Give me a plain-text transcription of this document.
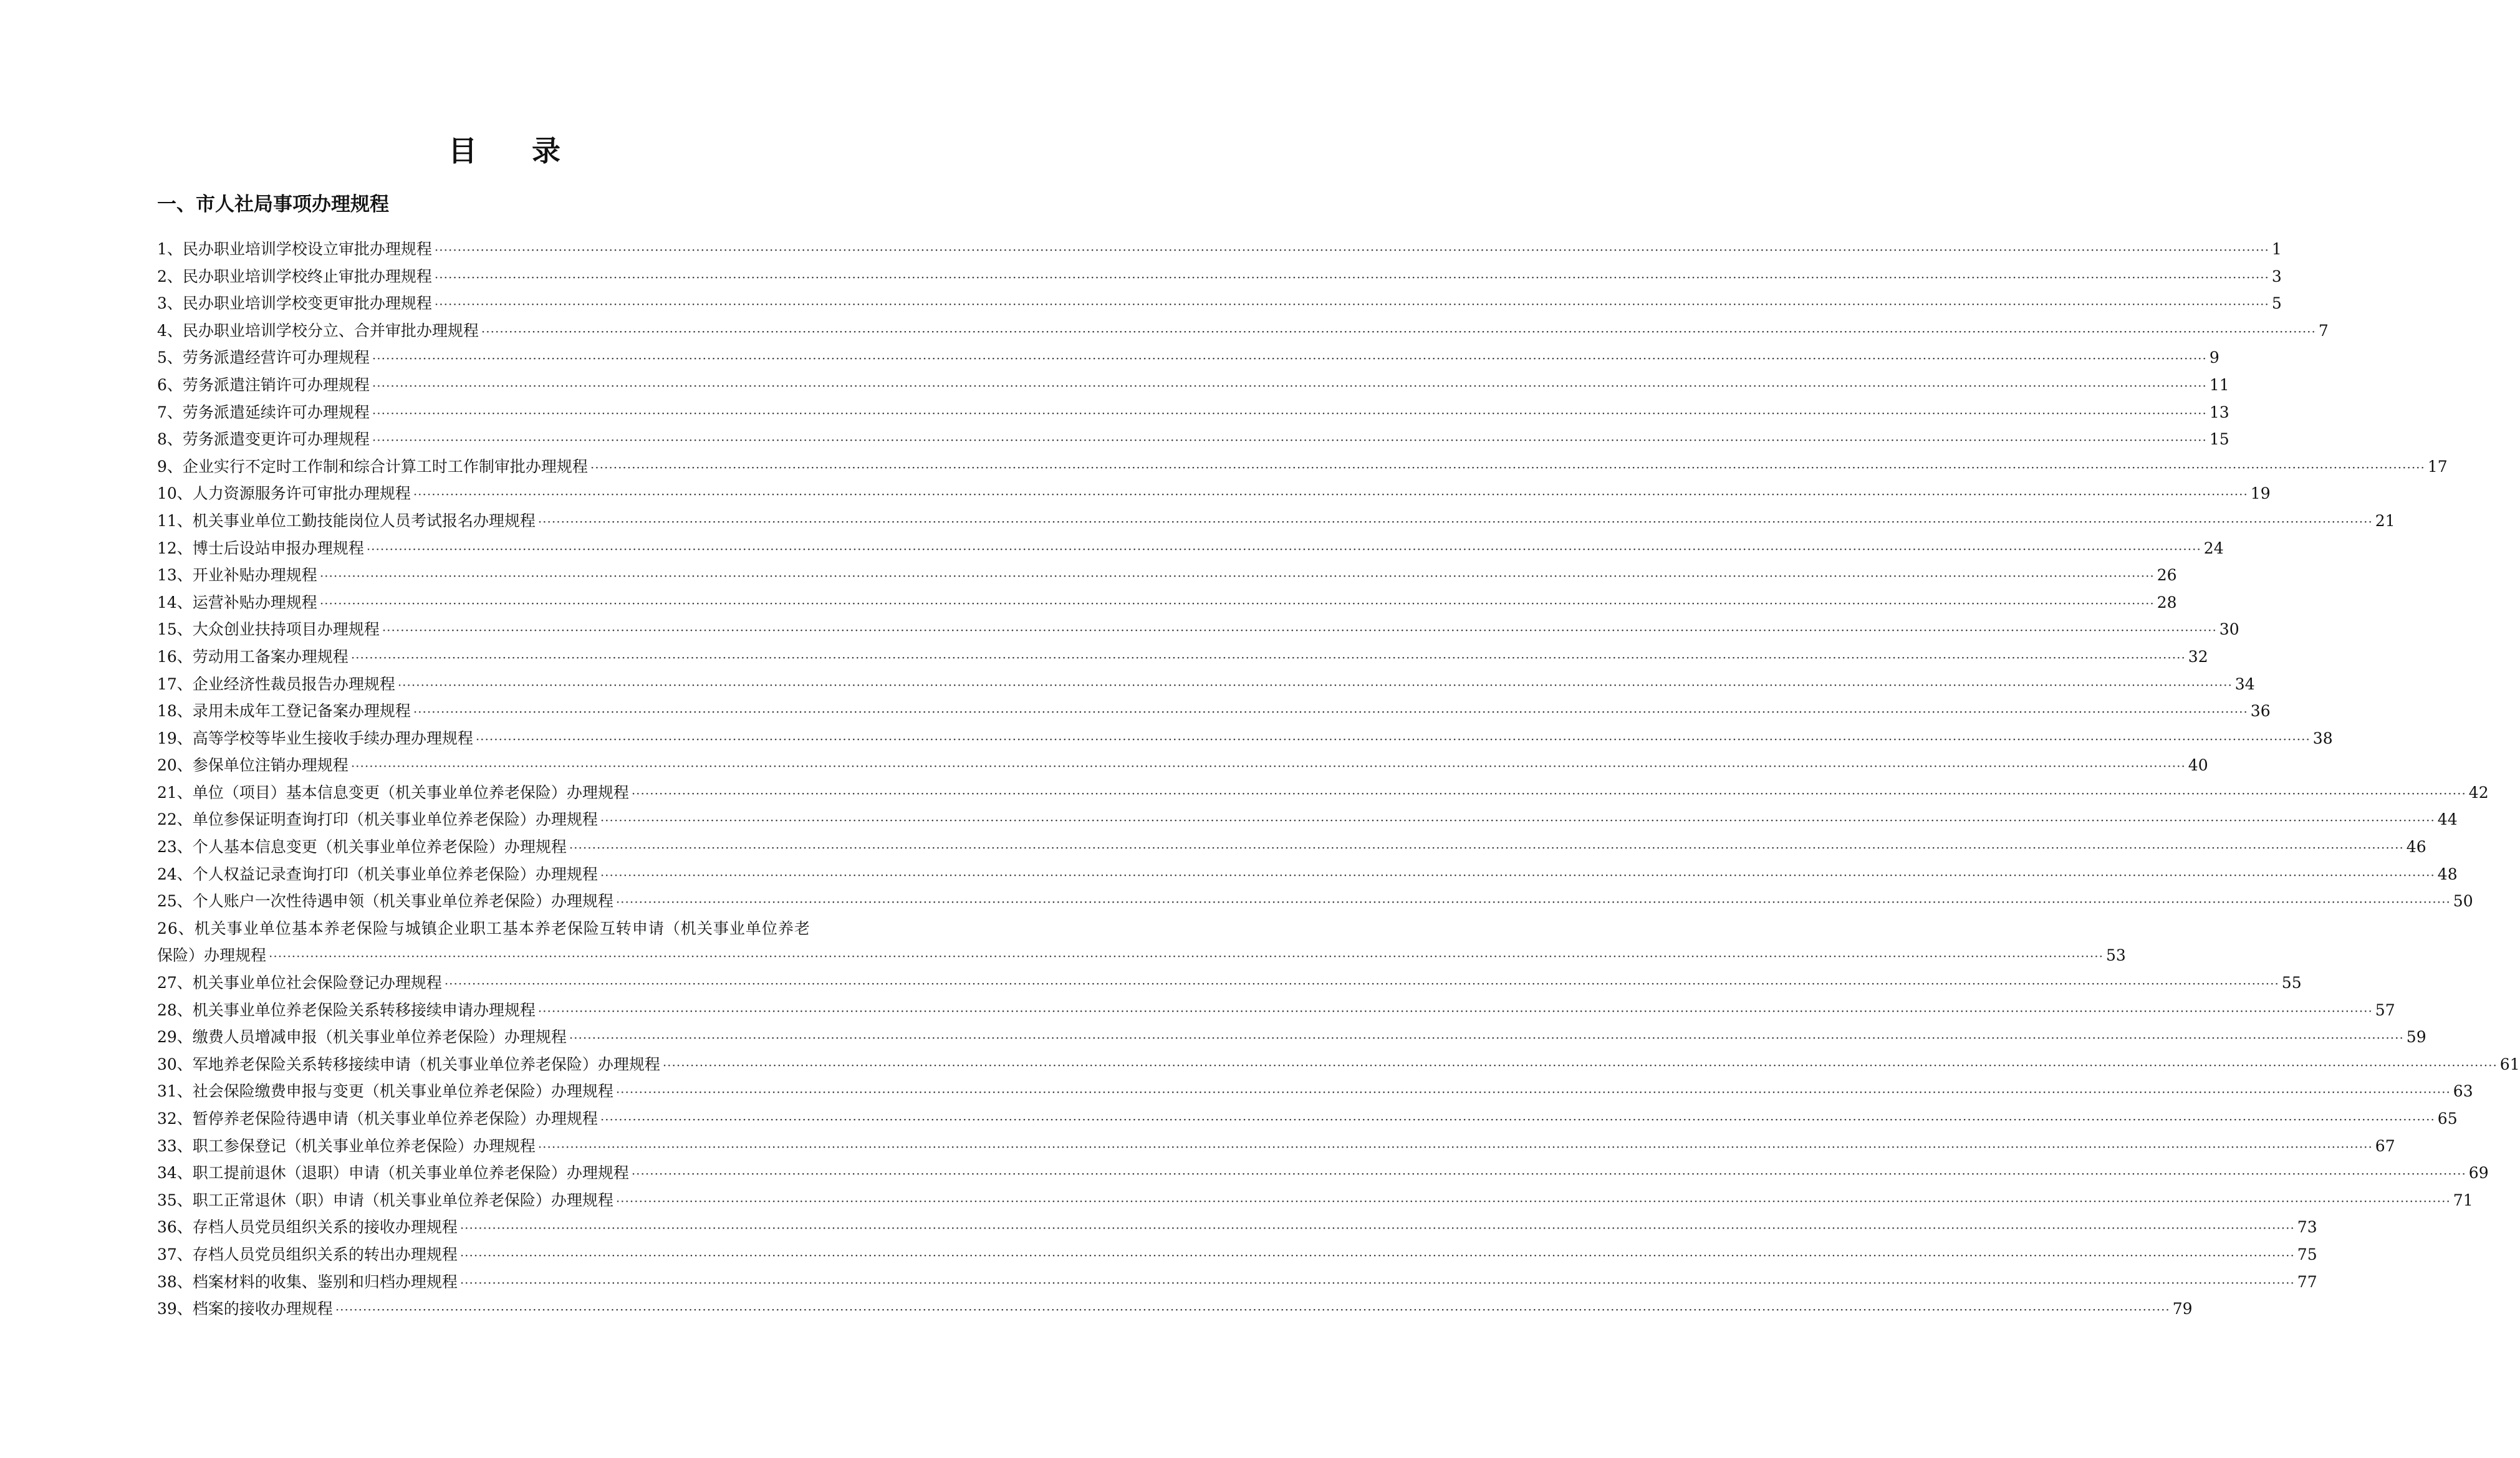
目 录
一、市人社局事项办理规程
1、民办职业培训学校设立审批办理规程 ················································································································································································································································································································································································································ 1
2、民办职业培训学校终止审批办理规程 ················································································································································································································································································································································································································ 3
3、民办职业培训学校变更审批办理规程 ················································································································································································································································································································································································································ 5
4、民办职业培训学校分立、合并审批办理规程 ················································································································································································································································································································································································································ 7
5、劳务派遣经营许可办理规程 ················································································································································································································································································································································································································ 9
6、劳务派遣注销许可办理规程 ················································································································································································································································································································································································································ 11
7、劳务派遣延续许可办理规程 ················································································································································································································································································································································································································ 13
8、劳务派遣变更许可办理规程 ················································································································································································································································································································································································································ 15
9、企业实行不定时工作制和综合计算工时工作制审批办理规程 ················································································································································································································································································································································································································ 17
10、人力资源服务许可审批办理规程 ················································································································································································································································································································································································································ 19
11、机关事业单位工勤技能岗位人员考试报名办理规程 ················································································································································································································································································································································································································ 21
12、博士后设站申报办理规程 ················································································································································································································································································································································································································ 24
13、开业补贴办理规程 ················································································································································································································································································································································································································ 26
14、运营补贴办理规程 ················································································································································································································································································································································································································ 28
15、大众创业扶持项目办理规程 ················································································································································································································································································································································································································ 30
16、劳动用工备案办理规程 ················································································································································································································································································································································································································ 32
17、企业经济性裁员报告办理规程 ················································································································································································································································································································································································································ 34
18、录用未成年工登记备案办理规程 ················································································································································································································································································································································································································ 36
19、高等学校等毕业生接收手续办理办理规程 ················································································································································································································································································································································································································ 38
20、参保单位注销办理规程 ················································································································································································································································································································································································································ 40
21、单位（项目）基本信息变更（机关事业单位养老保险）办理规程 ················································································································································································································································································································································································································ 42
22、单位参保证明查询打印（机关事业单位养老保险）办理规程 ················································································································································································································································································································································································································ 44
23、个人基本信息变更（机关事业单位养老保险）办理规程 ················································································································································································································································································································································································································ 46
24、个人权益记录查询打印（机关事业单位养老保险）办理规程 ················································································································································································································································································································································································································ 48
25、个人账户一次性待遇申领（机关事业单位养老保险）办理规程 ················································································································································································································································································································································································································ 50
26、机关事业单位基本养老保险与城镇企业职工基本养老保险互转申请（机关事业单位养老
保险）办理规程 ················································································································································································································································································································································································································ 53
27、机关事业单位社会保险登记办理规程 ················································································································································································································································································································································································································ 55
28、机关事业单位养老保险关系转移接续申请办理规程 ················································································································································································································································································································································································································ 57
29、缴费人员增减申报（机关事业单位养老保险）办理规程 ················································································································································································································································································································································································································ 59
30、军地养老保险关系转移接续申请（机关事业单位养老保险）办理规程 ················································································································································································································································································································································································································ 61
31、社会保险缴费申报与变更（机关事业单位养老保险）办理规程 ················································································································································································································································································································································································································ 63
32、暂停养老保险待遇申请（机关事业单位养老保险）办理规程 ················································································································································································································································································································································································································ 65
33、职工参保登记（机关事业单位养老保险）办理规程 ················································································································································································································································································································································································································ 67
34、职工提前退休（退职）申请（机关事业单位养老保险）办理规程 ················································································································································································································································································································································································································ 69
35、职工正常退休（职）申请（机关事业单位养老保险）办理规程 ················································································································································································································································································································································································································ 71
36、存档人员党员组织关系的接收办理规程 ················································································································································································································································································································································································································ 73
37、存档人员党员组织关系的转出办理规程 ················································································································································································································································································································································································································ 75
38、档案材料的收集、鉴别和归档办理规程 ················································································································································································································································································································································································································ 77
39、档案的接收办理规程 ················································································································································································································································································································································································································ 79
